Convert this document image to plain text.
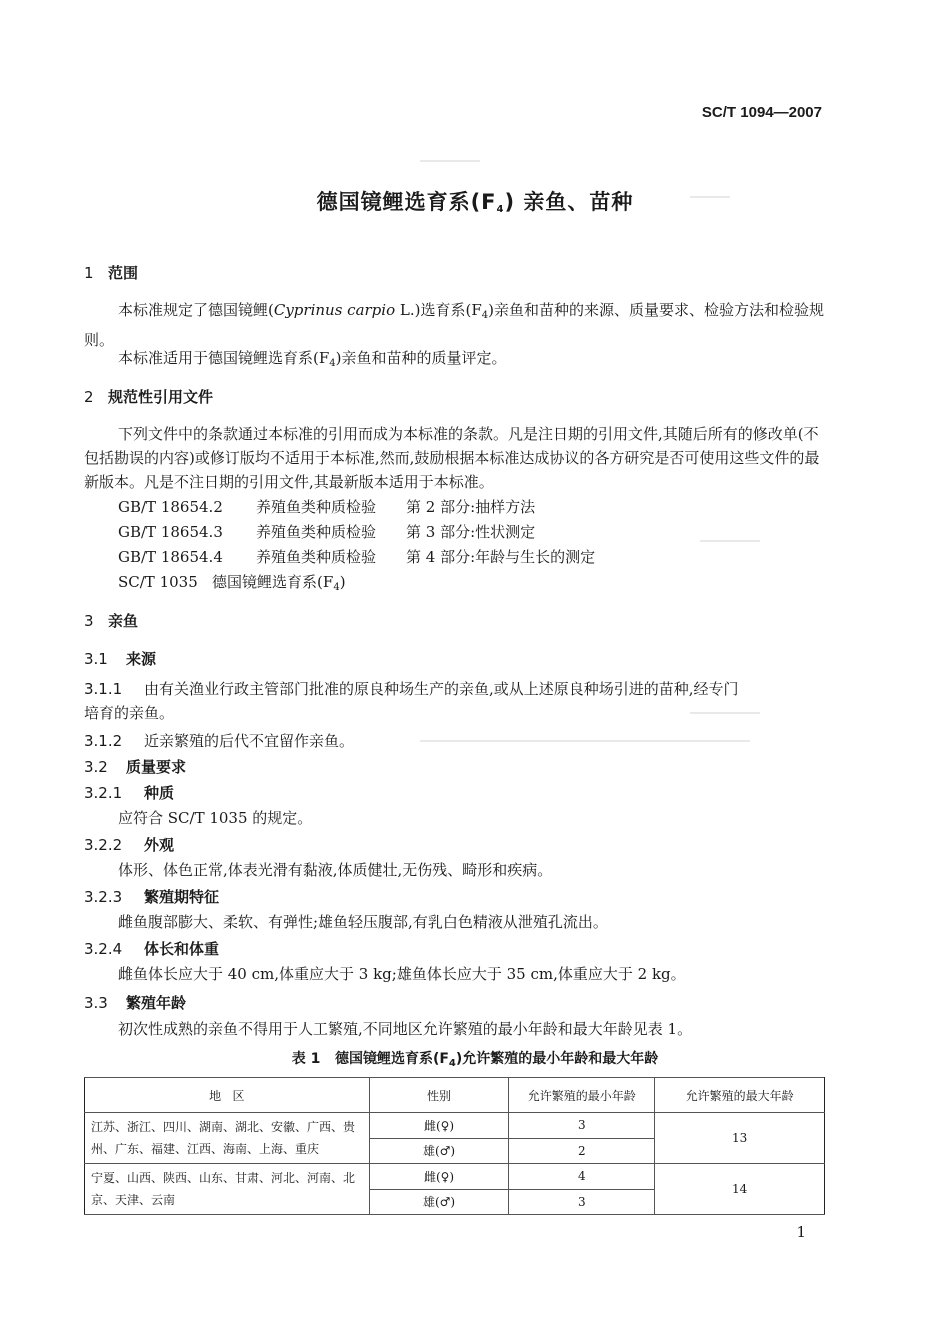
SC/T 1094—2007
德国镜鲤选育系$(F_4)$ 亲鱼、苗种
1 范围
本标准规定了德国镜鲤(Cyprinus carpio L.)选育系$(F_4)$亲鱼和苗种的来源、质量要求、检验方法和检验规则。
本标准适用于德国镜鲤选育系$(F_4)$亲鱼和苗种的质量评定。
2 规范性引用文件
下列文件中的条款通过本标准的引用而成为本标准的条款。凡是注日期的引用文件,其随后所有的修改单(不包括勘误的内容)或修订版均不适用于本标准,然而,鼓励根据本标准达成协议的各方研究是否可使用这些文件的最新版本。凡是不注日期的引用文件,其最新版本适用于本标准。
GB/T 18654.2 养殖鱼类种质检验 第 2 部分:抽样方法
GB/T 18654.3 养殖鱼类种质检验 第 3 部分:性状测定
GB/T 18654.4 养殖鱼类种质检验 第 4 部分:年龄与生长的测定
SC/T 1035   德国镜鲤选育系$(F_4)$
3 亲鱼
3.1 来源
3.1.1 由有关渔业行政主管部门批准的原良种场生产的亲鱼,或从上述原良种场引进的苗种,经专门
培育的亲鱼。
3.1.2 近亲繁殖的后代不宜留作亲鱼。
3.2 质量要求
3.2.1 种质
应符合 SC/T 1035 的规定。
3.2.2 外观
体形、体色正常,体表光滑有黏液,体质健壮,无伤残、畸形和疾病。
3.2.3 繁殖期特征
雌鱼腹部膨大、柔软、有弹性;雄鱼轻压腹部,有乳白色精液从泄殖孔流出。
3.2.4 体长和体重
雌鱼体长应大于 40 cm,体重应大于 3 kg;雄鱼体长应大于 35 cm,体重应大于 2 kg。
3.3 繁殖年龄
初次性成熟的亲鱼不得用于人工繁殖,不同地区允许繁殖的最小年龄和最大年龄见表 1。
表 1   德国镜鲤选育系$(F_4)$允许繁殖的最小年龄和最大年龄
地   区	性别	允许繁殖的最小年龄	允许繁殖的最大年龄
江苏、浙江、四川、湖南、湖北、安徽、广西、贵州、广东、福建、江西、海南、上海、重庆	雌(♀)	3	13
	雄(♂)	2	
宁夏、山西、陕西、山东、甘肃、河北、河南、北京、天津、云南	雌(♀)	4	14
	雄(♂)	3	
1
